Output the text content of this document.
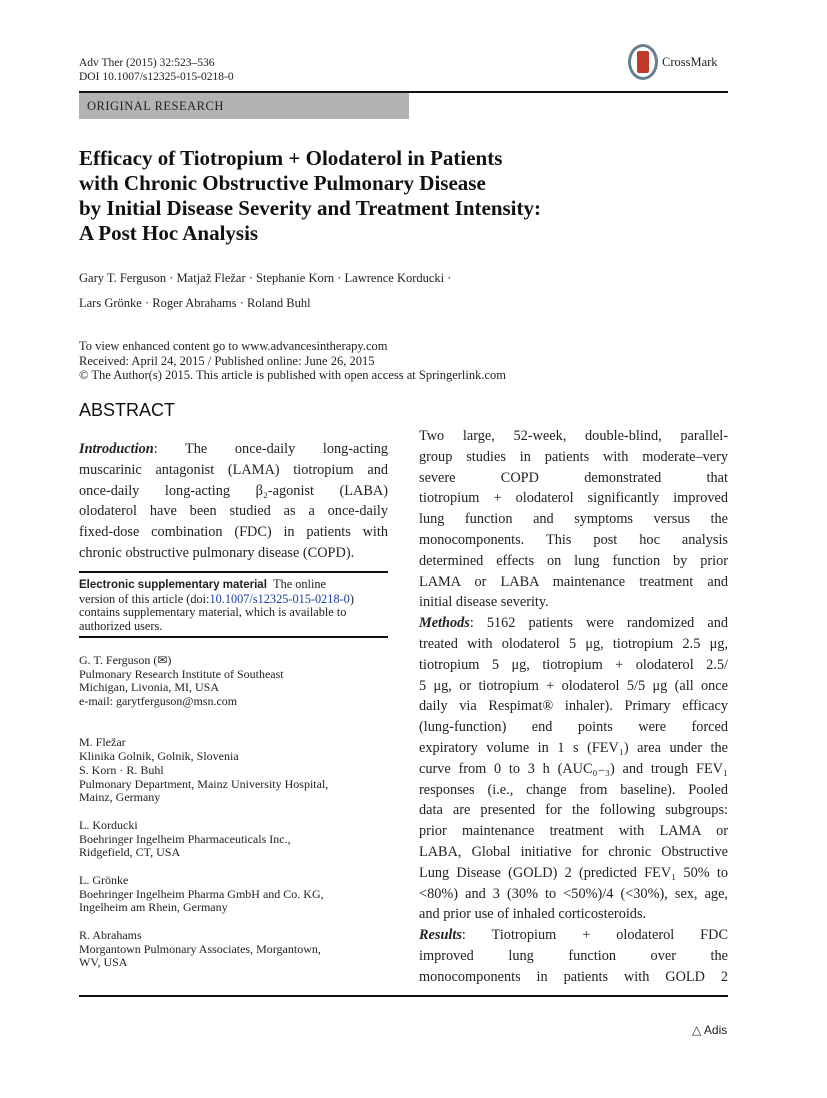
Adv Ther (2015) 32:523–536
DOI 10.1007/s12325-015-0218-0
CrossMark
ORIGINAL RESEARCH
Efficacy of Tiotropium + Olodaterol in Patients
with Chronic Obstructive Pulmonary Disease
by Initial Disease Severity and Treatment Intensity:
A Post Hoc Analysis
Gary T. Ferguson · Matjaž Fležar · Stephanie Korn · Lawrence Korducki ·
Lars Grönke · Roger Abrahams · Roland Buhl
To view enhanced content go to www.advancesintherapy.com
Received: April 24, 2015 / Published online: June 26, 2015
© The Author(s) 2015. This article is published with open access at Springerlink.com
ABSTRACT
Introduction: The once-daily long-acting
muscarinic antagonist (LAMA) tiotropium and
once-daily long-acting β₂-agonist (LABA)
olodaterol have been studied as a once-daily
fixed-dose combination (FDC) in patients with
chronic obstructive pulmonary disease (COPD).
Two large, 52-week, double-blind, parallel-
group studies in patients with moderate–very
severe COPD demonstrated that
tiotropium + olodaterol significantly improved
lung function and symptoms versus the
monocomponents. This post hoc analysis
determined effects on lung function by prior
LAMA or LABA maintenance treatment and
initial disease severity.
Methods: 5162 patients were randomized and
treated with olodaterol 5 μg, tiotropium 2.5 μg,
tiotropium 5 μg, tiotropium + olodaterol 2.5/
5 μg, or tiotropium + olodaterol 5/5 μg (all once
daily via Respimat® inhaler). Primary efficacy
(lung-function) end points were forced
expiratory volume in 1 s (FEV₁) area under the
curve from 0 to 3 h (AUC₀₋₃) and trough FEV₁
responses (i.e., change from baseline). Pooled
data are presented for the following subgroups:
prior maintenance treatment with LAMA or
LABA, Global initiative for chronic Obstructive
Lung Disease (GOLD) 2 (predicted FEV₁ 50% to
<80%) and 3 (30% to <50%)/4 (<30%), sex, age,
and prior use of inhaled corticosteroids.
Results: Tiotropium + olodaterol FDC
improved lung function over the
monocomponents in patients with GOLD 2
Electronic supplementary material The online
version of this article (doi:10.1007/s12325-015-0218-0)
contains supplementary material, which is available to
authorized users.
G. T. Ferguson (✉)
Pulmonary Research Institute of Southeast
Michigan, Livonia, MI, USA
e-mail: garytferguson@msn.com
M. Fležar
Klinika Golnik, Golnik, Slovenia
S. Korn · R. Buhl
Pulmonary Department, Mainz University Hospital,
Mainz, Germany
L. Korducki
Boehringer Ingelheim Pharmaceuticals Inc.,
Ridgefield, CT, USA
L. Grönke
Boehringer Ingelheim Pharma GmbH and Co. KG,
Ingelheim am Rhein, Germany
R. Abrahams
Morgantown Pulmonary Associates, Morgantown,
WV, USA
△ Adis
